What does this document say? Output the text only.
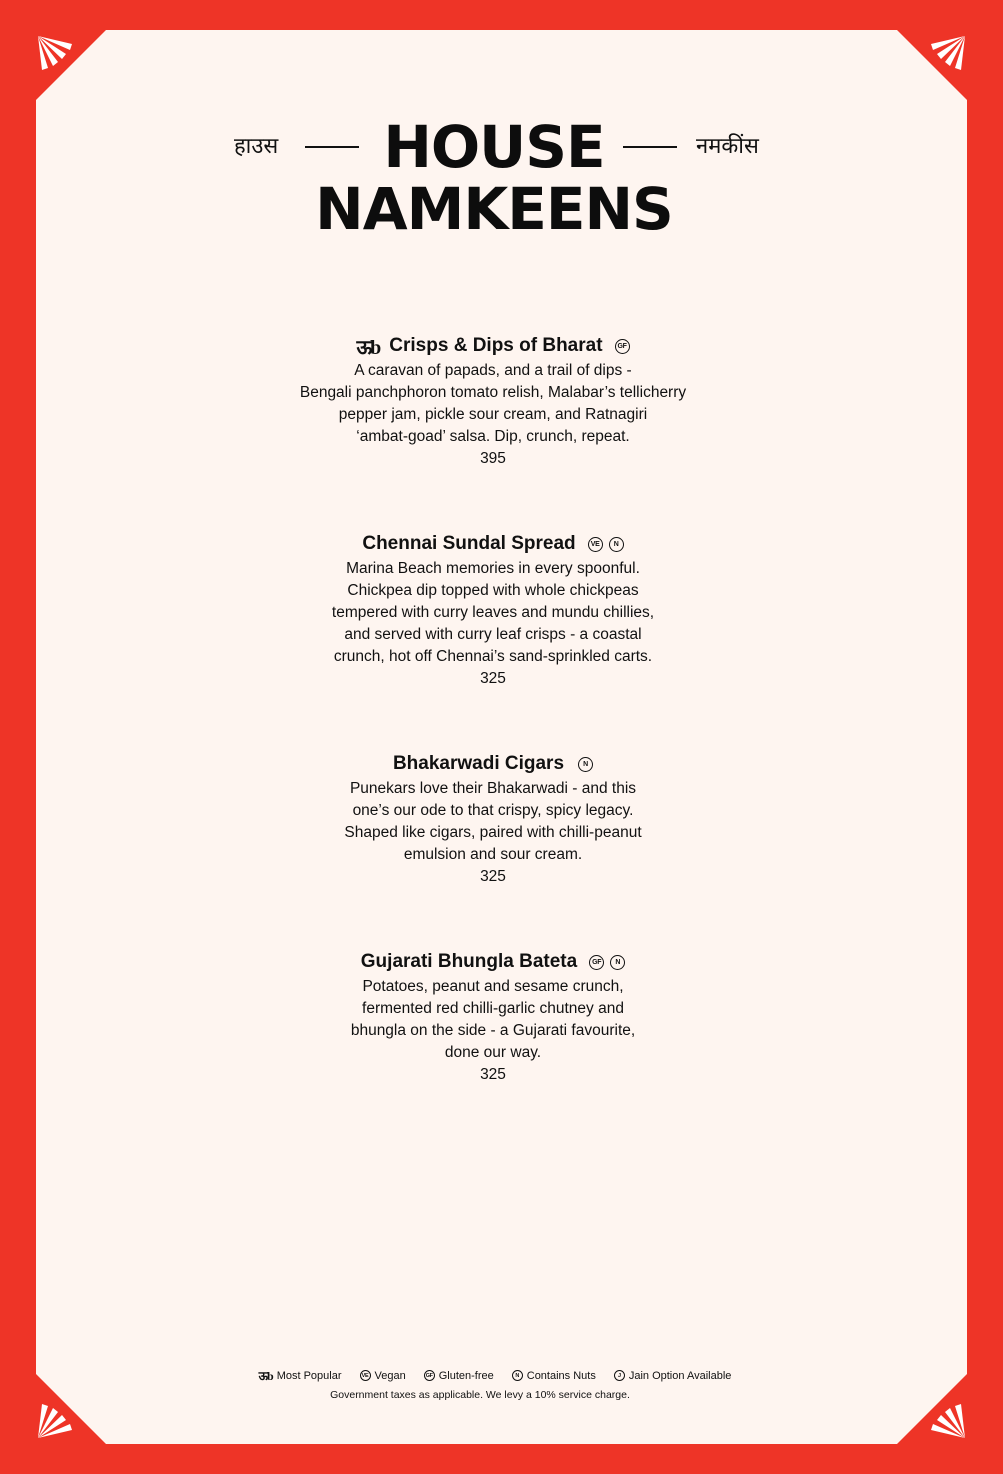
हाउस	HOUSE
NAMKEENS
नमकींस
ऊb Crisps & Dips of Bharat	GF
A caravan of papads, and a trail of dips -
Bengali panchphoron tomato relish, Malabar’s tellicherry
pepper jam, pickle sour cream, and Ratnagiri
‘ambat-goad’ salsa. Dip, crunch, repeat.
395
Chennai Sundal Spread	VE	N
Marina Beach memories in every spoonful.
Chickpea dip topped with whole chickpeas
tempered with curry leaves and mundu chillies,
and served with curry leaf crisps - a coastal
crunch, hot off Chennai’s sand-sprinkled carts.
325
Bhakarwadi Cigars	N
Punekars love their Bhakarwadi - and this
one’s our ode to that crispy, spicy legacy.
Shaped like cigars, paired with chilli-peanut
emulsion and sour cream.
325
Gujarati Bhungla Bateta	GF	N
Potatoes, peanut and sesame crunch,
fermented red chilli-garlic chutney and
bhungla on the side - a Gujarati favourite,
done our way.
325
ऊb Most Popular	VE Vegan	GF Gluten-free	N Contains Nuts	J Jain Option Available
Government taxes as applicable. We levy a 10% service charge.
